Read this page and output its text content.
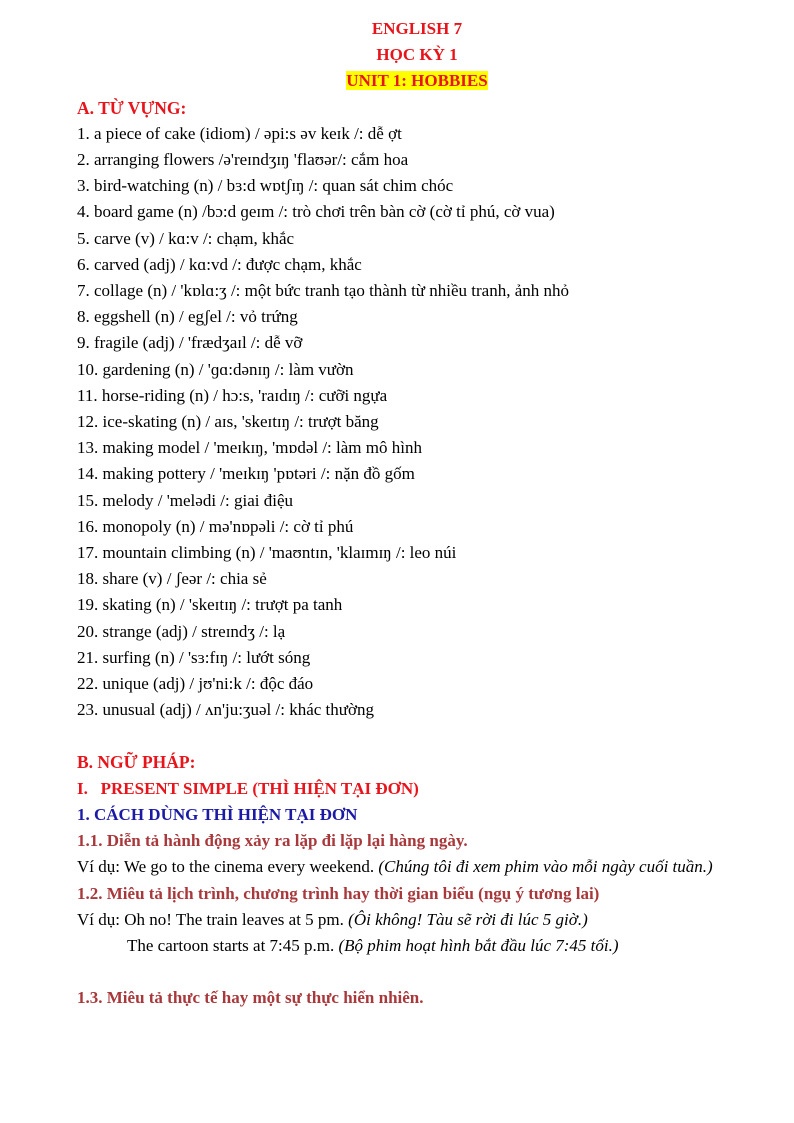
ENGLISH 7
HỌC KỲ 1
UNIT 1: HOBBIES
A. TỪ VỰNG:
1. a piece of cake (idiom) / əpi:s əv keɪk /: dễ ợt
2. arranging flowers /ə'reɪndʒɪŋ 'flaʊər/: cắm hoa
3. bird-watching (n) / bɜ:d wɒtʃɪŋ /: quan sát chim chóc
4. board game (n) /bɔ:d ɡeɪm /: trò chơi trên bàn cờ (cờ tỉ phú, cờ vua)
5. carve (v) / kɑ:v /: chạm, khắc
6. carved (adj) / kɑ:vd /: được chạm, khắc
7. collage (n) / 'kɒlɑ:ʒ /: một bức tranh tạo thành từ nhiều tranh, ảnh nhỏ
8. eggshell (n) / egʃel /: vỏ trứng
9. fragile (adj) / 'frædʒaɪl /: dễ vỡ
10. gardening (n) / 'ɡɑ:dənɪŋ /: làm vườn
11. horse-riding (n) / hɔ:s, 'raɪdɪŋ /: cưỡi ngựa
12. ice-skating (n) / aɪs, 'skeɪtɪŋ /: trượt băng
13. making model / 'meɪkɪŋ, 'mɒdəl /: làm mô hình
14. making pottery / 'meɪkɪŋ 'pɒtəri /: nặn đồ gốm
15. melody / 'melədi /: giai điệu
16. monopoly (n) / mə'nɒpəli /: cờ tỉ phú
17. mountain climbing (n) / 'maʊntɪn, 'klaɪmɪŋ /: leo núi
18. share (v) / ʃeər /: chia sẻ
19. skating (n) / 'skeɪtɪŋ /: trượt pa tanh
20. strange (adj) / streɪndʒ /: lạ
21. surfing (n) / 'sɜ:fɪŋ /: lướt sóng
22. unique (adj) / jʊ'ni:k /: độc đáo
23. unusual (adj) / ʌn'ju:ʒuəl /: khác thường
B. NGỮ PHÁP:

I.   PRESENT SIMPLE (THÌ HIỆN TẠI ĐƠN)

1. CÁCH DÙNG THÌ HIỆN TẠI ĐƠN

1.1. Diễn tả hành động xảy ra lặp đi lặp lại hàng ngày.

Ví dụ: We go to the cinema every weekend. (Chúng tôi đi xem phim vào mỗi ngày cuối tuần.)

1.2. Miêu tả lịch trình, chương trình hay thời gian biểu (ngụ ý tương lai)

Ví dụ: Oh no! The train leaves at 5 pm. (Ôi không! Tàu sẽ rời đi lúc 5 giờ.)

The cartoon starts at 7:45 p.m. (Bộ phim hoạt hình bắt đầu lúc 7:45 tối.)

1.3. Miêu tả thực tế hay một sự thực hiển nhiên.
